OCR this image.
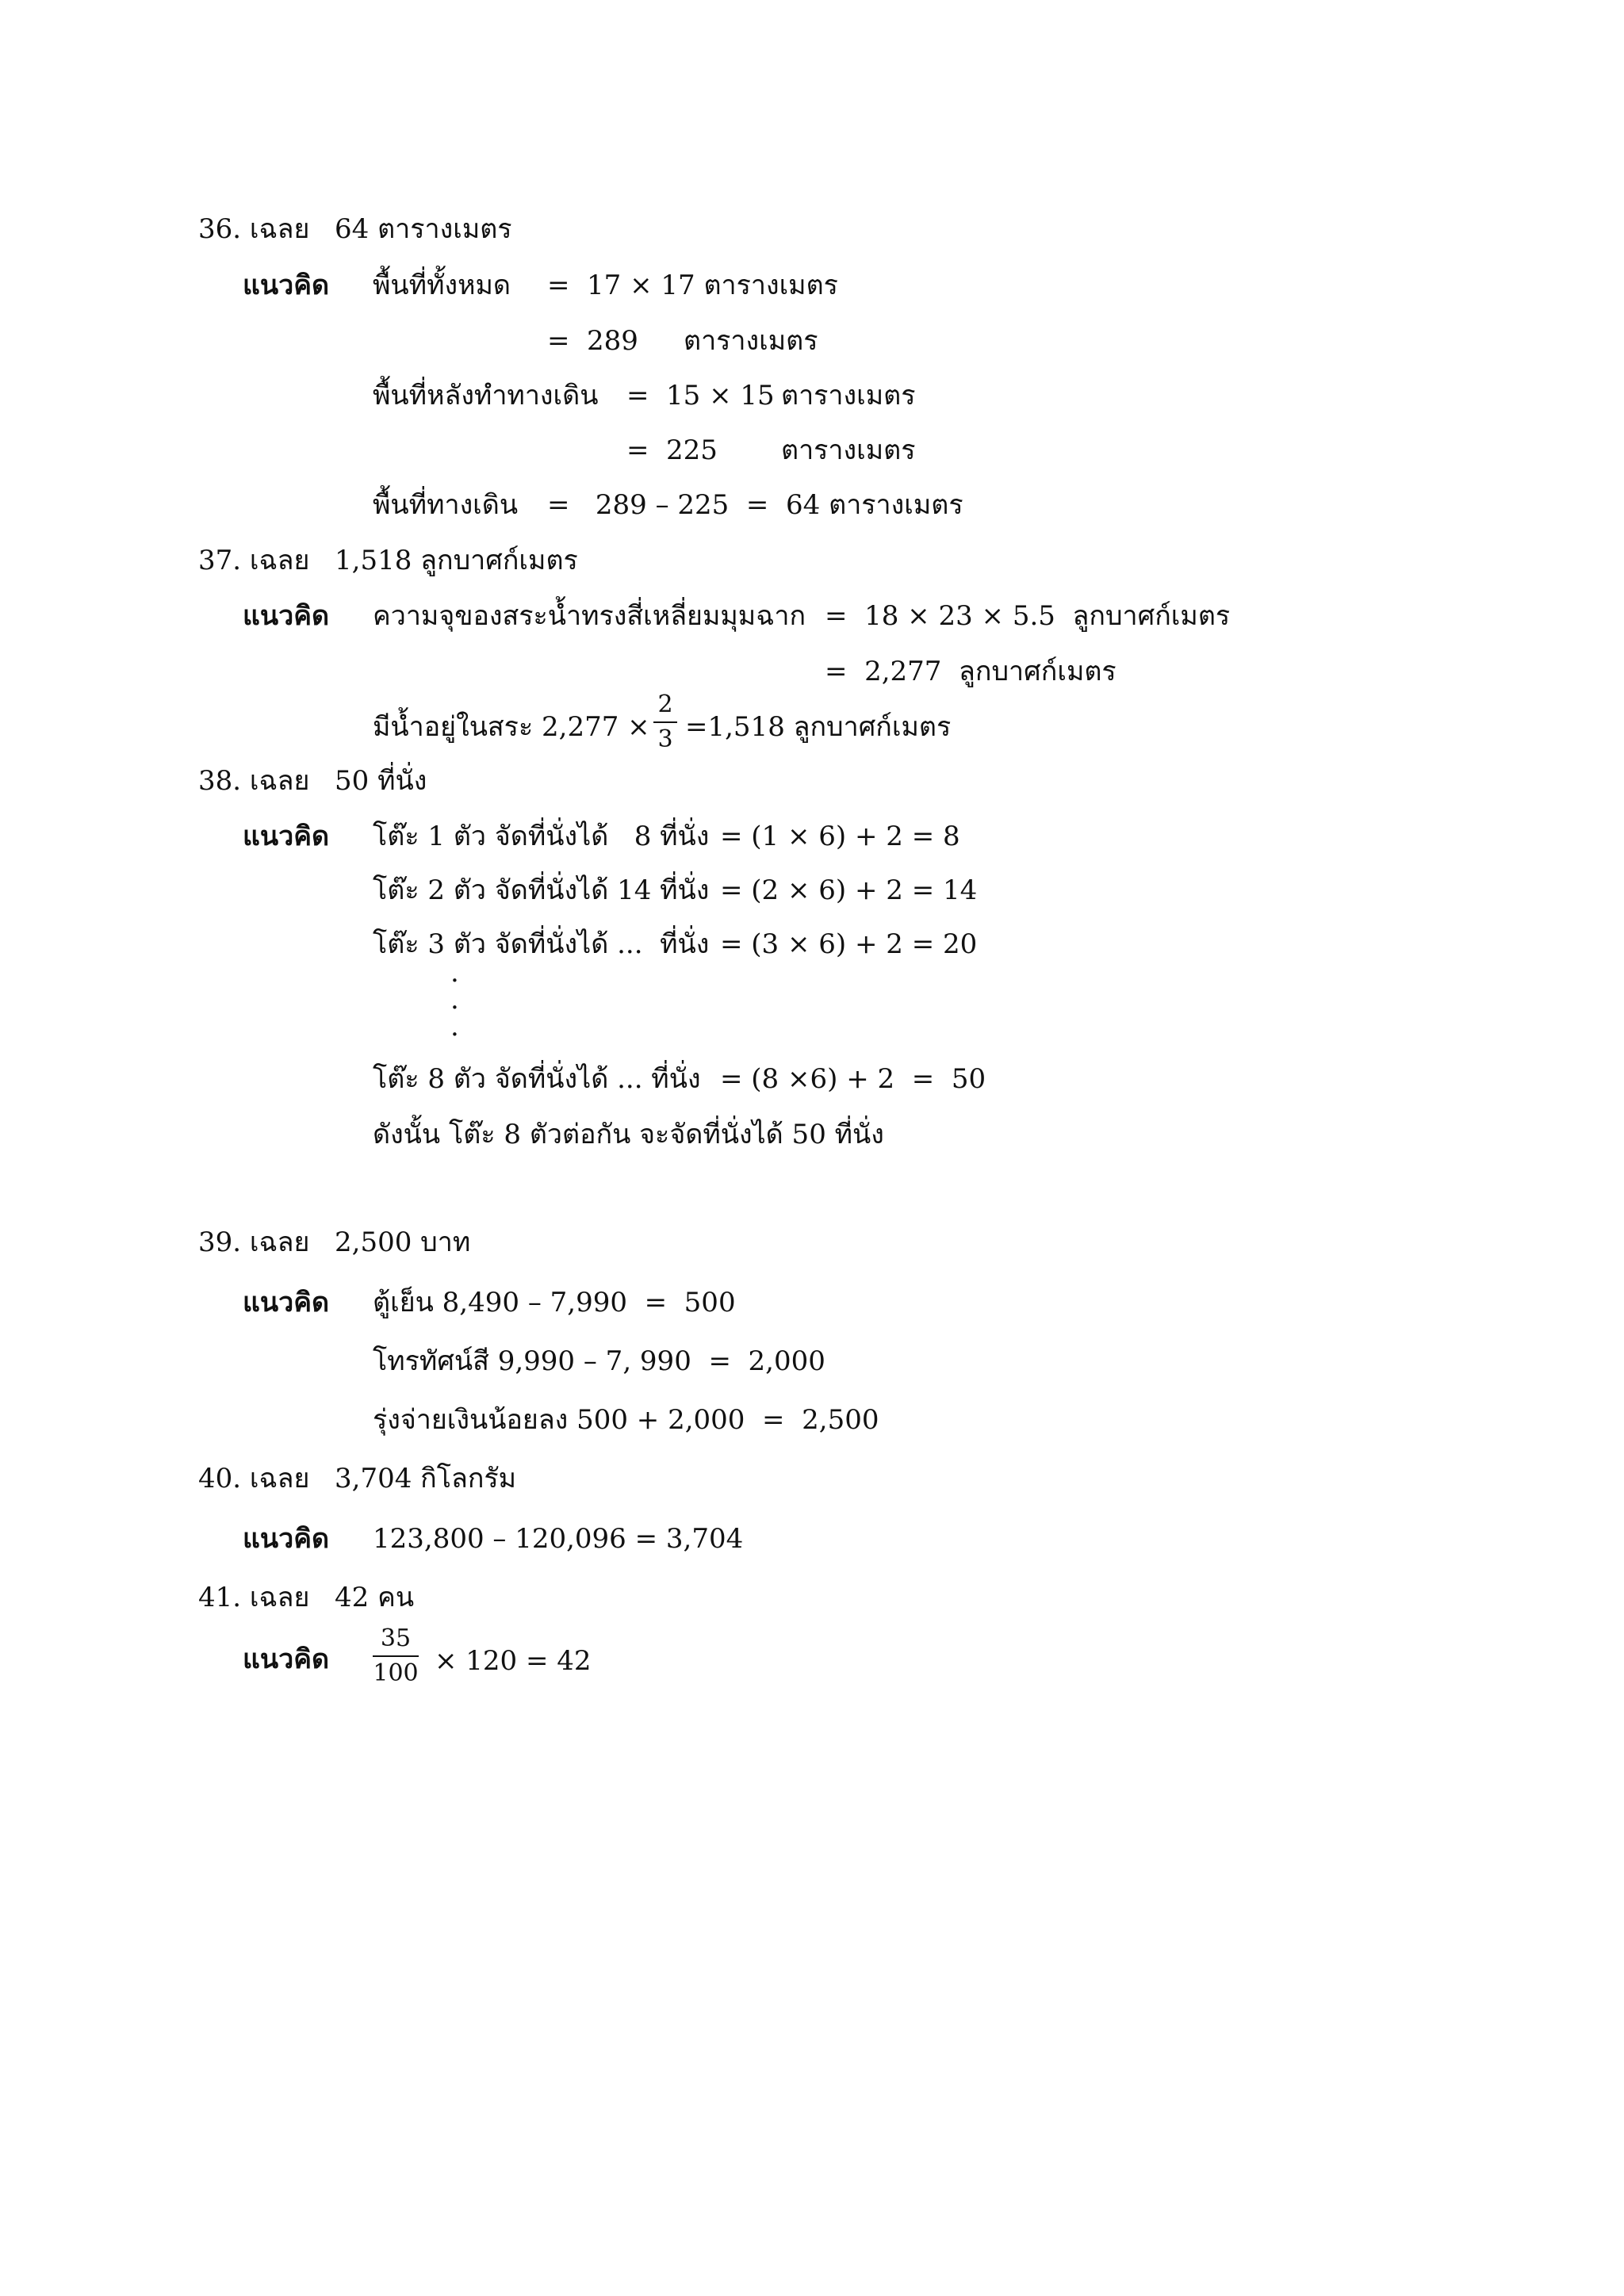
36. เฉลย 64 ตารางเมตร
แนวคิด พื้นที่ทั้งหมด = 17 × 17 ตารางเมตร
= 289 ตารางเมตร
พื้นที่หลังทำทางเดิน = 15 × 15 ตารางเมตร
= 225 ตารางเมตร
พื้นที่ทางเดิน =   289 – 225  =  64 ตารางเมตร
37. เฉลย 1,518 ลูกบาศก์เมตร
แนวคิด ความจุของสระน้ำทรงสี่เหลี่ยมมุมฉาก =  18 × 23 × 5.5  ลูกบาศก์เมตร
=  2,277  ลูกบาศก์เมตร
มีน้ำอยู่ในสระ 2,277 ×
2
3 =1,518 ลูกบาศก์เมตร
38. เฉลย 50 ที่นั่ง
แนวคิด โต๊ะ 1 ตัว จัดที่นั่งได้   8 ที่นั่ง = (1 × 6) + 2 = 8
โต๊ะ 2 ตัว จัดที่นั่งได้ 14 ที่นั่ง = (2 × 6) + 2 = 14
โต๊ะ 3 ตัว จัดที่นั่งได้ ...  ที่นั่ง = (3 × 6) + 2 = 20
.
.
.
โต๊ะ 8 ตัว จัดที่นั่งได้ ... ที่นั่ง = (8 ×6) + 2  =  50
ดังนั้น โต๊ะ 8 ตัวต่อกัน จะจัดที่นั่งได้ 50 ที่นั่ง
39. เฉลย 2,500 บาท
แนวคิด ตู้เย็น 8,490 – 7,990  =  500
โทรทัศน์สี 9,990 – 7, 990  =  2,000
รุ่งจ่ายเงินน้อยลง 500 + 2,000  =  2,500
40. เฉลย 3,704 กิโลกรัม
แนวคิด 123,800 – 120,096 = 3,704
41. เฉลย 42 คน
แนวคิด
35
100 × 120 = 42
